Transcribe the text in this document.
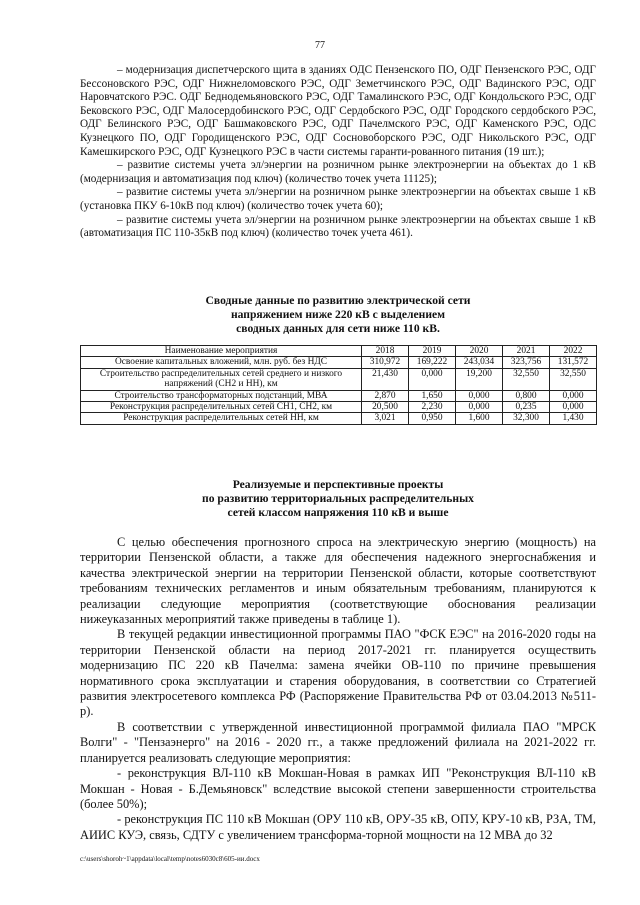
77

– модернизация диспетчерского щита в зданиях ОДС Пензенского ПО, ОДГ Пензенского РЭС, ОДГ Бессоновского РЭС, ОДГ Нижнеломовского РЭС, ОДГ Земетчинского РЭС, ОДГ Вадинского РЭС, ОДГ Наровчатского РЭС. ОДГ Беднодемьяновского РЭС, ОДГ Тамалинского РЭС, ОДГ Кондольского РЭС, ОДГ Бековского РЭС, ОДГ Малосердобинского РЭС, ОДГ Сердобского РЭС, ОДГ Городского сердобского РЭС, ОДГ Белинского РЭС, ОДГ Башмаковского РЭС, ОДГ Пачелмского РЭС, ОДГ Каменского РЭС, ОДС Кузнецкого ПО, ОДГ Городищенского РЭС, ОДГ Сосновоборского РЭС, ОДГ Никольского РЭС, ОДГ Камешкирского РЭС, ОДГ Кузнецкого РЭС в части системы гаранти-рованного питания (19 шт.);

– развитие системы учета эл/энергии на розничном рынке электроэнергии на объектах до 1 кВ (модернизация и автоматизация под ключ) (количество точек учета 11125);

– развитие системы учета эл/энергии на розничном рынке электроэнергии на объектах свыше 1 кВ (установка ПКУ 6-10кВ под ключ) (количество точек учета 60);

– развитие системы учета эл/энергии на розничном рынке электроэнергии на объектах свыше 1 кВ (автоматизация ПС 110-35кВ под ключ) (количество точек учета 461).

Сводные данные по развитию электрической сети
напряжением ниже 220 кВ с выделением
сводных данных для сети ниже 110 кВ.
Наименование мероприятия	2018	2019	2020	2021	2022
Освоение капитальных вложений, млн. руб. без НДС	310,972	169,222	243,034	323,756	131,572
Строительство распределительных сетей среднего и низкого напряжений (СН2 и НН), км	21,430	0,000	19,200	32,550	32,550
Строительство трансформаторных подстанций, МВА	2,870	1,650	0,000	0,800	0,000
Реконструкция распределительных сетей СН1, СН2, км	20,500	2,230	0,000	0,235	0,000
Реконструкция распределительных сетей НН, км	3,021	0,950	1,600	32,300	1,430
Реализуемые и перспективные проекты
по развитию территориальных распределительных
сетей классом напряжения 110 кВ и выше

С целью обеспечения прогнозного спроса на электрическую энергию (мощность) на территории Пензенской области, а также для обеспечения надежного энергоснабжения и качества электрической энергии на территории Пензенской области, которые соответствуют требованиям технических регламентов и иным обязательным требованиям, планируются к реализации следующие мероприятия (соответствующие обоснования реализации нижеуказанных мероприятий также приведены в таблице 1).

В текущей редакции инвестиционной программы ПАО "ФСК ЕЭС" на 2016-2020 годы на территории Пензенской области на период 2017-2021 гг. планируется осуществить модернизацию ПС 220 кВ Пачелма: замена ячейки ОВ-110 по причине превышения нормативного срока эксплуатации и старения оборудования, в соответствии со Стратегией развития электросетевого комплекса РФ (Распоряжение Правительства РФ от 03.04.2013 №511-р).

В соответствии с утвержденной инвестиционной программой филиала ПАО "МРСК Волги" - "Пензаэнерго" на 2016 - 2020 гг., а также предложений филиала на 2021-2022 гг. планируется реализовать следующие мероприятия:

- реконструкция ВЛ-110 кВ Мокшан-Новая в рамках ИП "Реконструкция ВЛ-110 кВ Мокшан - Новая - Б.Демьяновск" вследствие высокой степени завершенности строительства (более 50%);

- реконструкция ПС 110 кВ Мокшан (ОРУ 110 кВ, ОРУ-35 кВ, ОПУ, КРУ-10 кВ, РЗА, ТМ, АИИС КУЭ, связь, СДТУ с увеличением трансформа-торной мощности на 12 МВА до 32

c:\users\shoroh~1\appdata\local\temp\notes6030c8\605-ии.docx
